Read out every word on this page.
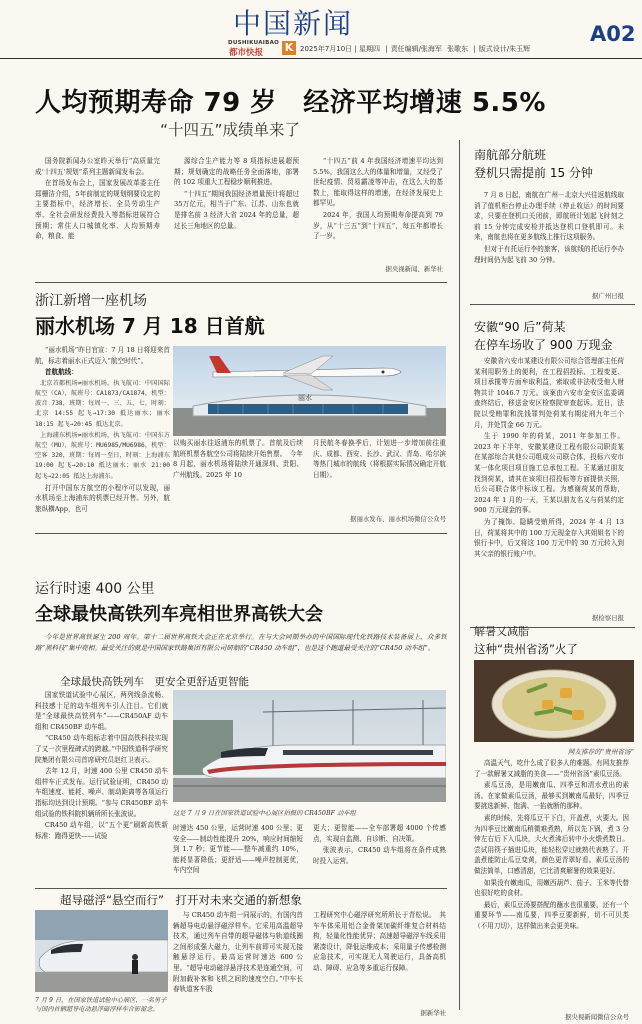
中国新闻
DUSHIKUAIBAO
都市快报 K 2025年7月10日 | 星期四 | 责任编辑/张海军 张歌东 | 版式设计/朱玉辉
A02
人均预期寿命 79 岁　经济平均增速 5.5%
“十四五”成绩单来了

国务院新闻办公室昨天举行“高质量完成‘十四五’规划”系列主题新闻发布会。

在首场发布会上，国家发展改革委主任郑栅洁介绍，5年前制定的规划纲要设定的主要指标中，经济增长、全员劳动生产率、全社会研发经费投入等指标进展符合预期；常住人口城镇化率、人均预期寿命，粮食、能

源综合生产能力等 8 项指标进展超预期；规划确定的战略任务全面落地，部署的 102 项重大工程稳步顺利推进。

“十四五”期间我国经济增量预计将超过 35万亿元，相当于广东、江苏、山东也就是排名前 3 经济大省 2024 年的总量，超过长三角地区的总量。

“十四五”前 4 年我国经济增速平均达到 5.5%，我国这么大的体量和增量，又经受了世纪疫情、贸易霸凌等冲击，在这么大的基数上，能取得这样的增速，在经济发展史上都罕见。

2024 年，我国人均预期寿命提高到 79 岁，从“十三五”到“十四五”，每五年都增长了一岁。

据央视新闻、新华社
南航部分航班
登机只需提前 15 分钟

7 月 8 日起，南航在广州－北京大兴往返航线取消了值机柜台停止办理手续（停止收运）的时间要求，只要在登机口关闭前，即航班计划起飞时刻之前 15 分钟完成安检并抵达登机口登机即可。未来，南航也将在更多航线上推行这项服务。

但对于有托运行李的旅客，该航线的托运行李办理时间仍为起飞前 30 分钟。

据广州日报
浙江新增一座机场
丽水机场 7 月 18 日首航

“丽水机场”昨日官宣：7 月 18 日将迎来首航，标志着丽水正式迈入“航空时代”。

首航航线：

北京首都机场⇌丽水机场，执飞航司：中国国际航空（CA），航班号：CA1873/CA1874，机型：波音 738，班期：每周一、三、五、七，时刻：北京 14:55 起飞→17:30 抵达丽水；丽水 18:15 起飞→20:45 抵达北京。

上海浦东机场⇌丽水机场，执飞航司：中国东方航空（MU），航班号：MU6985/MU6986，机型：空客 320，班期：每周一至日，时刻：上海浦东 19:00 起飞→20:10 抵达丽水；丽水 21:00 起飞→22:05 抵达上海浦东。

打开中国东方航空的小程序可以发现，丽水机场至上海浦东的机票已经开售。另外，航旅纵横App，也可

丽水

以购买丽水往返浦东的机票了。首航及后续航班机票各航空公司将陆续开始售票。　今年 8 月起，丽水机场将陆续开通深圳、贵阳、广州航线。2025 年 10

月民航冬春换季后，计划进一步增加前往重庆、成都、西安、长沙、武汉、青岛、哈尔滨等热门城市的航线（将根据实际情况确定开航日期）。

据丽水发布、丽水机场微信公众号
安徽“90 后”荷某
在停车场收了 900 万现金

安徽省六安市某建设有限公司综合管理部主任荷某利用职务上的便利，在工程招投标、工程变更、项目承揽等方面牟取利益，索取或非法收受他人财物共计 1046.7 万元。该案由六安市金安区监委调查终结后，移送金安区检察院审查起诉。近日，法院以受贿罪和洗钱罪判处荷某有期徒刑九年三个月，并处罚金 66 万元。

生于 1990 年的荷某，2011 年参加工作。2023 年下半年，安徽某建设工程有限公司职责某在某部综合其他公司组成公司联合体，投标六安市某一体化项目项目施工总承包工程。王某通过朋友找到荷某，请其在该项目招投标等方面提供关照，后公司联合体中标该工程。为感谢荷某的帮助，2024 年 1 月的一天，王某以朋友名义与荷某约定 900 万元现金的事。

为了掩饰、隐瞒受贿所得，2024 年 4 月 13 日，荷某将其中的 100 万元现金存入其姐姐名下的银行卡中，后又将这 100 万元中的 30 万元转入到其父亲的银行账户中。

据检察日报
运行时速 400 公里
全球最快高铁列车亮相世界高铁大会

今年是世界高铁诞生 200 周年。第十二届世界高铁大会正在北京举行。在与大会同期举办的中国国际现代化铁路技术装备展上，众多铁路“黑科技”集中亮相。最受关注的就是中国国家铁路集团有限公司研制的“CR450 动车组”，也是这个跑道最受关注的“CR450 动车组”。

全球最快高铁列车　更安全更舒适更智能

国家铁道试验中心展区，两列线条流畅、科技感十足的动车组列车引人注目。它们就是“全球最快高铁列车”——CR450AF 动车组和 CR450BF 动车组。

“CR450 动车组标志着中国高铁科技实现了又一次里程碑式的跨越。”中国铁道科学研究院集团有限公司首席研究员赵红卫表示。

去年 12 月，时速 400 公里 CR450 动车组样车正式发布。运行试验证明，CR450 动车组速度、能耗、噪声、制动距离等各项运行指标均达到设计预期。“参与 CR450BF 动车组试验的铁科院机辆所所长张波说。

CR450 动车组，以“五个更”刷新高铁新标准：跑得更快——试验

这是 7 月 9 日在国家铁道试验中心展区拍摄的 CR450BF 动车组

时速达 450 公里，运营时速 400 公里；更安全——制动性能提升 20%，响应时间缩短到 1.7 秒；更节能——整车减重约 10%，能耗显著降低；更舒适——噪声控制更优，车内空间

更大；更智能——全车部署超 4000 个传感点，实现自监测、自诊断、自决策。

张波表示，CR450 动车组将在条件成熟时投入运营。

超导磁浮“悬空而行”　打开对未来交通的新想象
7 月 9 日，在国家铁道试验中心展区，一名男子与国内首辆超导电动悬浮磁浮样车合影留念。

与 CR450 动车组一同展示的，有国内首辆超导电动悬浮磁浮样车。它采用高温超导技术，通过列车自带的超导磁体与轨道线圈之间形成强大磁力，让列车前即可实现无接触悬浮运行，最高运营时速达 600 公里。“超导电动磁浮悬浮技术是连通空间，可附加载补客和飞机之间的速度空白。”中车长春轨道客车股

工程研究中心磁浮研究所所长于青松说。　其车车体采用铝合金骨架加碳纤维复合材料结构，轻量化性能优异；高速超导磁浮车线采用紧凑设计，降低运维成本；采用量子传感检测应急技术，可实现无人驾驶运行，具备高机动、障碍、应急等多重运行保障。

据新华社
解暑又减脂
这种“贵州省汤”火了
网友推荐的“贵州省汤”

高温天气，吃什么成了很多人的难题。有网友推荐了一款解暑又减脂的美食——“贵州省汤”素瓜豆汤。

素瓜豆汤，是用嫩南瓜、四季豆和清水煮出的素汤。在家做素瓜豆汤，最够买到嫩南瓜最好，四季豆要挑选新鲜、饱满、一掐就断的那种。

素的时候，先将瓜豆干下白，开盖煮，火要大。因为四季豆比嫩南瓜稍微难煮熟，所以先下锅，煮 3 分钟左右后下入瓜块，大火煮沸后转中小火煨煮数日。尝试用筷子插进瓜块，能轻松穿过就熟代表熟了。开盖煮能防止瓜豆变黄，颜色更青翠好看。素瓜豆汤的做法简单，口感清甜，它比清爽解暑的效果更好。

如果没有嫩南瓜，用嫩西葫芦、茄子、玉米等代替也很好吃的食材。

最后，素瓜豆汤要搭配的蘸水也很重要，还有一个重要环节——南瓜要，四季豆要新鲜，切不可贝类（不用刀切），这样做出来会更美味。

据央视新闻微信公众号
